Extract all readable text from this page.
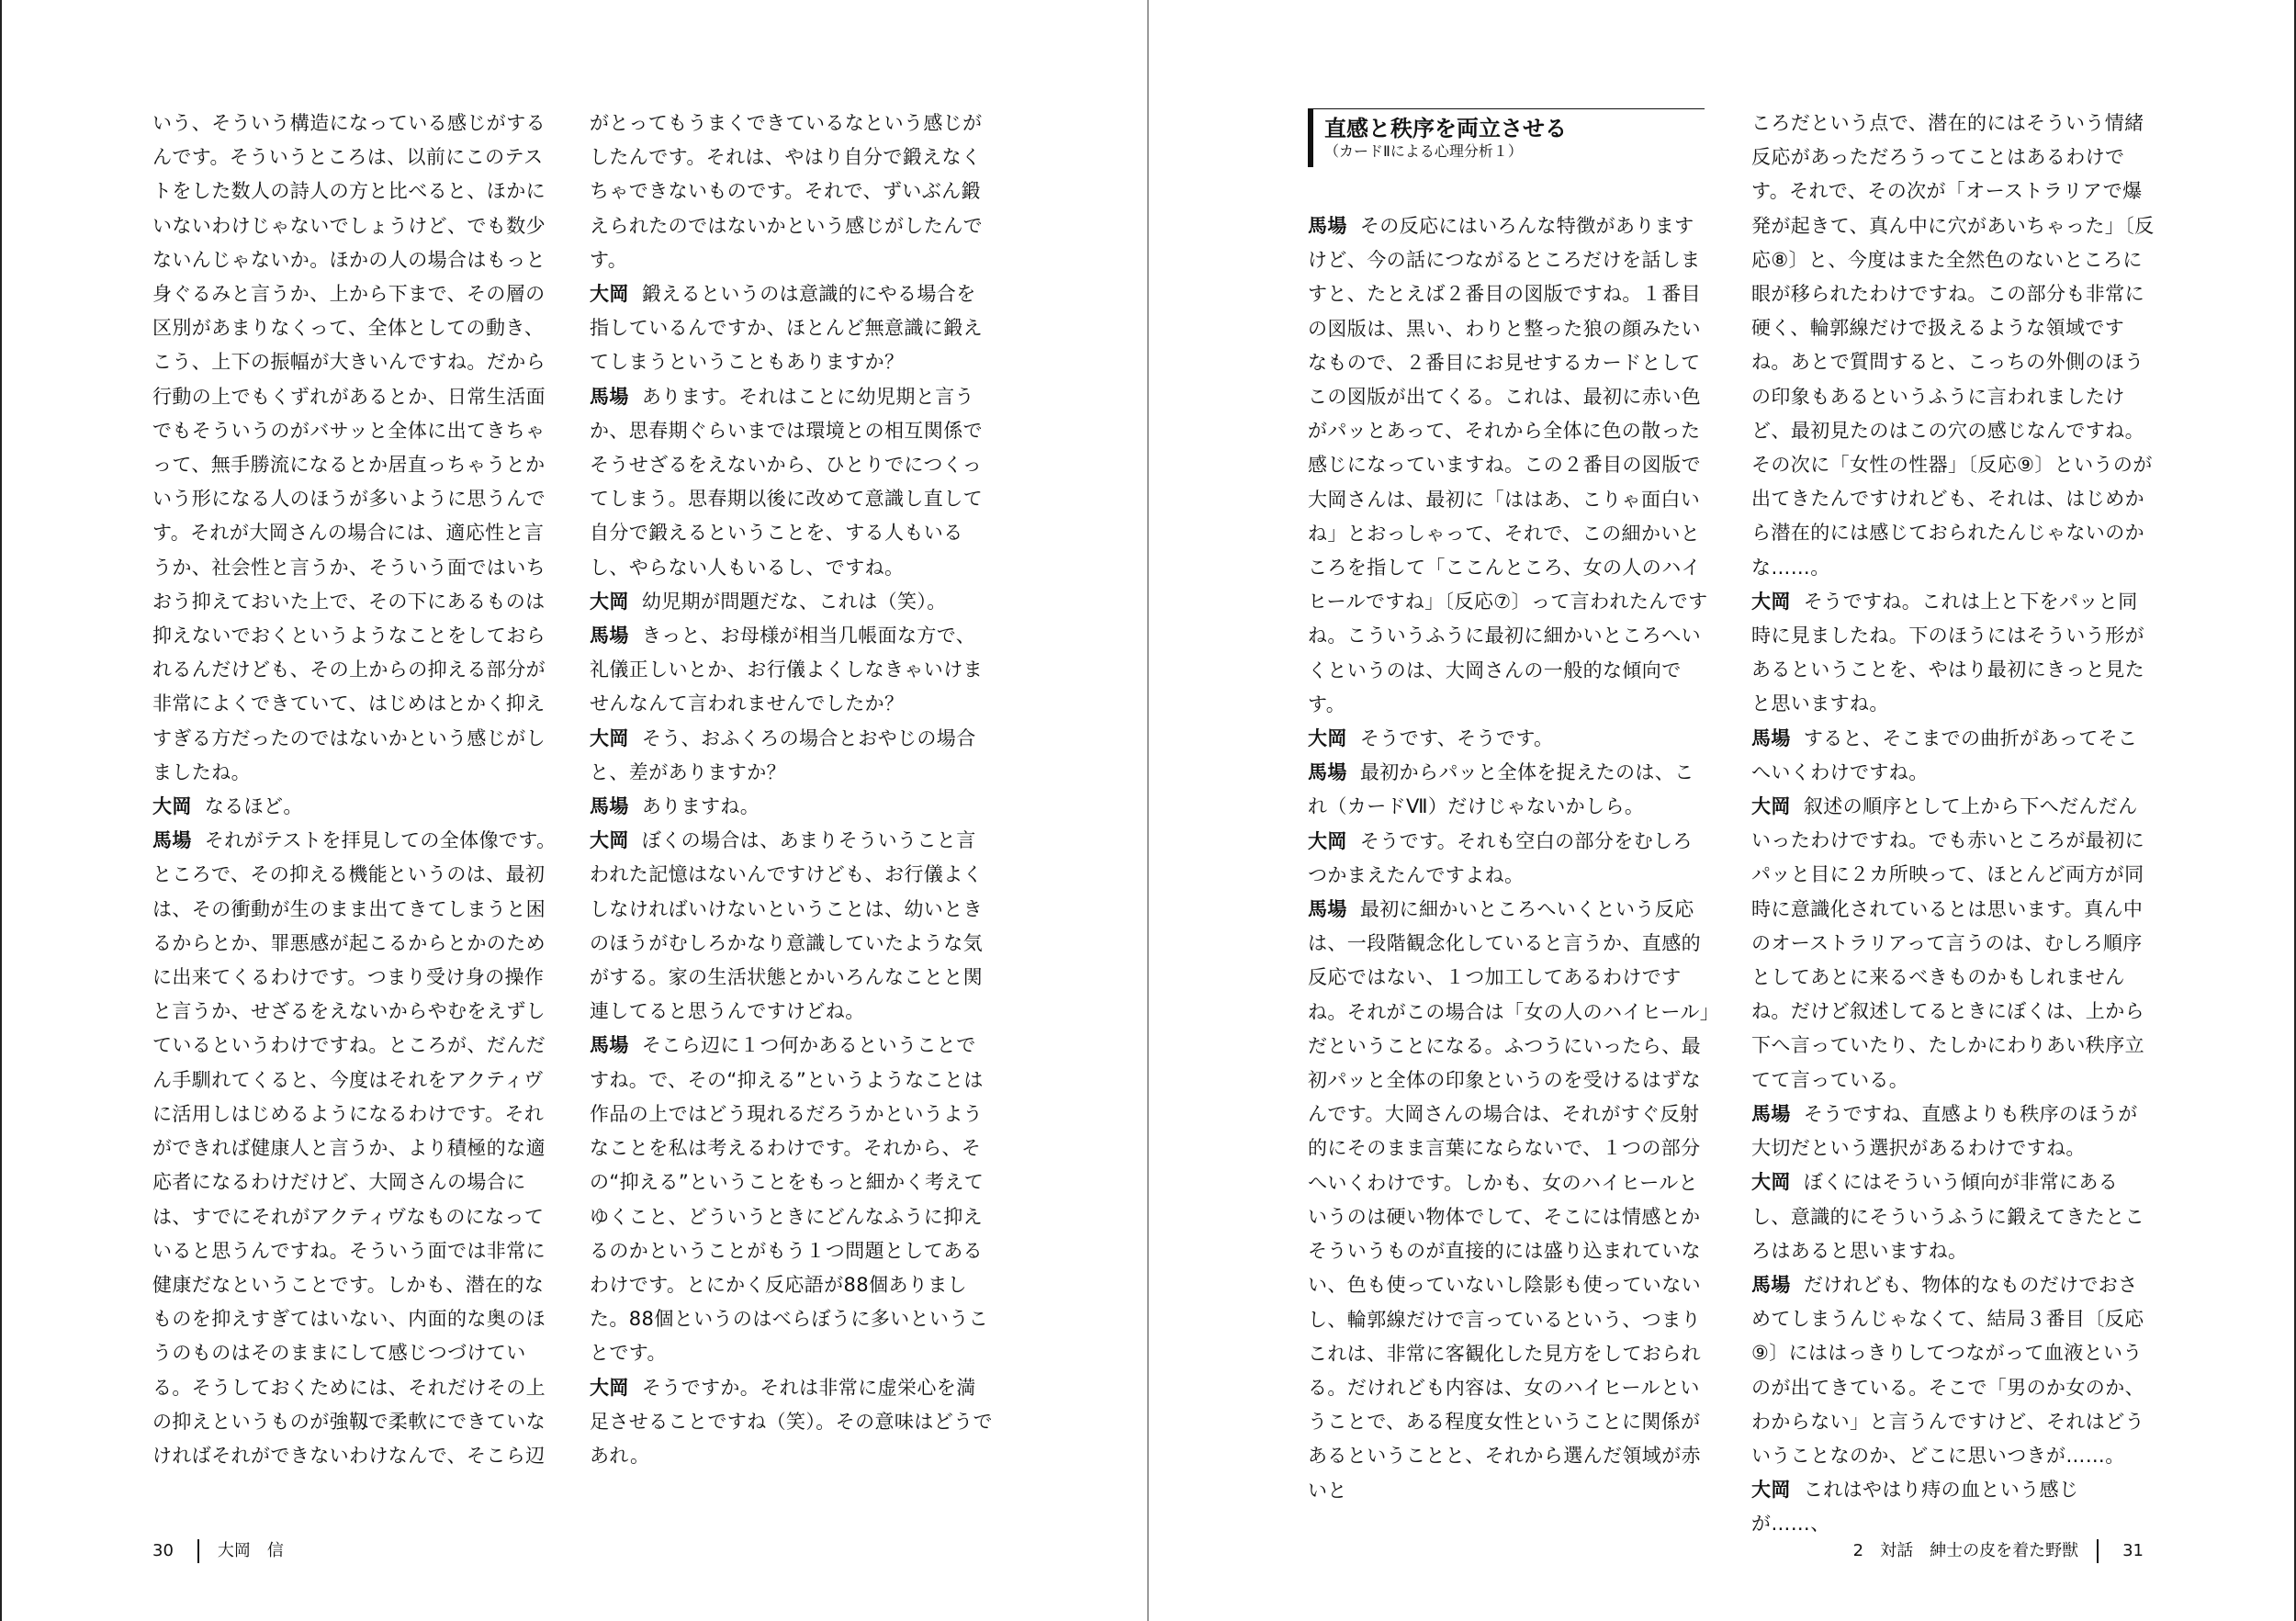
いう、そういう構造になっている感じがするんです。そういうところは、以前にこのテストをした数人の詩人の方と比べると、ほかにいないわけじゃないでしょうけど、でも数少ないんじゃないか。ほかの人の場合はもっと身ぐるみと言うか、上から下まで、その層の区別があまりなくって、全体としての動き、こう、上下の振幅が大きいんですね。だから行動の上でもくずれがあるとか、日常生活面でもそういうのがバサッと全体に出てきちゃって、無手勝流になるとか居直っちゃうとかいう形になる人のほうが多いように思うんです。それが大岡さんの場合には、適応性と言うか、社会性と言うか、そういう面ではいちおう抑えておいた上で、その下にあるものは抑えないでおくというようなことをしておられるんだけども、その上からの抑える部分が非常によくできていて、はじめはとかく抑えすぎる方だったのではないかという感じがしましたね。

大岡 なるほど。

馬場 それがテストを拝見しての全体像です。ところで、その抑える機能というのは、最初は、その衝動が生のまま出てきてしまうと困るからとか、罪悪感が起こるからとかのために出来てくるわけです。つまり受け身の操作と言うか、せざるをえないからやむをえずしているというわけですね。ところが、だんだん手馴れてくると、今度はそれをアクティヴに活用しはじめるようになるわけです。それができれば健康人と言うか、より積極的な適応者になるわけだけど、大岡さんの場合には、すでにそれがアクティヴなものになっていると思うんですね。そういう面では非常に健康だなということです。しかも、潜在的なものを抑えすぎてはいない、内面的な奥のほうのものはそのままにして感じつづけている。そうしておくためには、それだけその上の抑えというものが強靱で柔軟にできていなければそれができないわけなんで、そこら辺

がとってもうまくできているなという感じがしたんです。それは、やはり自分で鍛えなくちゃできないものです。それで、ずいぶん鍛えられたのではないかという感じがしたんです。

大岡 鍛えるというのは意識的にやる場合を指しているんですか、ほとんど無意識に鍛えてしまうということもありますか？

馬場 あります。それはことに幼児期と言うか、思春期ぐらいまでは環境との相互関係でそうせざるをえないから、ひとりでにつくってしまう。思春期以後に改めて意識し直して自分で鍛えるということを、する人もいるし、やらない人もいるし、ですね。

大岡 幼児期が問題だな、これは（笑）。

馬場 きっと、お母様が相当几帳面な方で、礼儀正しいとか、お行儀よくしなきゃいけませんなんて言われませんでしたか？

大岡 そう、おふくろの場合とおやじの場合と、差がありますか？

馬場 ありますね。

大岡 ぼくの場合は、あまりそういうこと言われた記憶はないんですけども、お行儀よくしなければいけないということは、幼いときのほうがむしろかなり意識していたような気がする。家の生活状態とかいろんなことと関連してると思うんですけどね。

馬場 そこら辺に１つ何かあるということですね。で、その“抑える”というようなことは作品の上ではどう現れるだろうかというようなことを私は考えるわけです。それから、その“抑える”ということをもっと細かく考えてゆくこと、どういうときにどんなふうに抑えるのかということがもう１つ問題としてあるわけです。とにかく反応語が88個ありました。88個というのはべらぼうに多いということです。

大岡 そうですか。それは非常に虚栄心を満足させることですね（笑）。その意味はどうであれ。

30	大岡　信
直感と秩序を両立させる
（カードⅡによる心理分析１）

馬場 その反応にはいろんな特徴がありますけど、今の話につながるところだけを話しますと、たとえば２番目の図版ですね。１番目の図版は、黒い、わりと整った狼の顔みたいなもので、２番目にお見せするカードとしてこの図版が出てくる。これは、最初に赤い色がパッとあって、それから全体に色の散った感じになっていますね。この２番目の図版で大岡さんは、最初に「ははあ、こりゃ面白いね」とおっしゃって、それで、この細かいところを指して「ここんところ、女の人のハイヒールですね」〔反応⑦〕って言われたんですね。こういうふうに最初に細かいところへいくというのは、大岡さんの一般的な傾向です。

大岡 そうです、そうです。

馬場 最初からパッと全体を捉えたのは、これ（カードⅦ）だけじゃないかしら。

大岡 そうです。それも空白の部分をむしろつかまえたんですよね。

馬場 最初に細かいところへいくという反応は、一段階観念化していると言うか、直感的反応ではない、１つ加工してあるわけですね。それがこの場合は「女の人のハイヒール」だということになる。ふつうにいったら、最初パッと全体の印象というのを受けるはずなんです。大岡さんの場合は、それがすぐ反射的にそのまま言葉にならないで、１つの部分へいくわけです。しかも、女のハイヒールというのは硬い物体でして、そこには情感とかそういうものが直接的には盛り込まれていない、色も使っていないし陰影も使っていないし、輪郭線だけで言っているという、つまりこれは、非常に客観化した見方をしておられる。だけれども内容は、女のハイヒールということで、ある程度女性ということに関係があるということと、それから選んだ領域が赤いと

ころだという点で、潜在的にはそういう情緒反応があっただろうってことはあるわけです。それで、その次が「オーストラリアで爆発が起きて、真ん中に穴があいちゃった」〔反応⑧〕と、今度はまた全然色のないところに眼が移られたわけですね。この部分も非常に硬く、輪郭線だけで扱えるような領域ですね。あとで質問すると、こっちの外側のほうの印象もあるというふうに言われましたけど、最初見たのはこの穴の感じなんですね。その次に「女性の性器」〔反応⑨〕というのが出てきたんですけれども、それは、はじめから潜在的には感じておられたんじゃないのかな……。

大岡 そうですね。これは上と下をパッと同時に見ましたね。下のほうにはそういう形があるということを、やはり最初にきっと見たと思いますね。

馬場 すると、そこまでの曲折があってそこへいくわけですね。

大岡 叙述の順序として上から下へだんだんいったわけですね。でも赤いところが最初にパッと目に２カ所映って、ほとんど両方が同時に意識化されているとは思います。真ん中のオーストラリアって言うのは、むしろ順序としてあとに来るべきものかもしれませんね。だけど叙述してるときにぼくは、上から下へ言っていたり、たしかにわりあい秩序立てて言っている。

馬場 そうですね、直感よりも秩序のほうが大切だという選択があるわけですね。

大岡 ぼくにはそういう傾向が非常にあるし、意識的にそういうふうに鍛えてきたところはあると思いますね。

馬場 だけれども、物体的なものだけでおさめてしまうんじゃなくて、結局３番目〔反応⑨〕にははっきりしてつながって血液というのが出てきている。そこで「男のか女のか、わからない」と言うんですけど、それはどういうことなのか、どこに思いつきが……。

大岡 これはやはり痔の血という感じが……、

2　対話　紳士の皮を着た野獣	31
